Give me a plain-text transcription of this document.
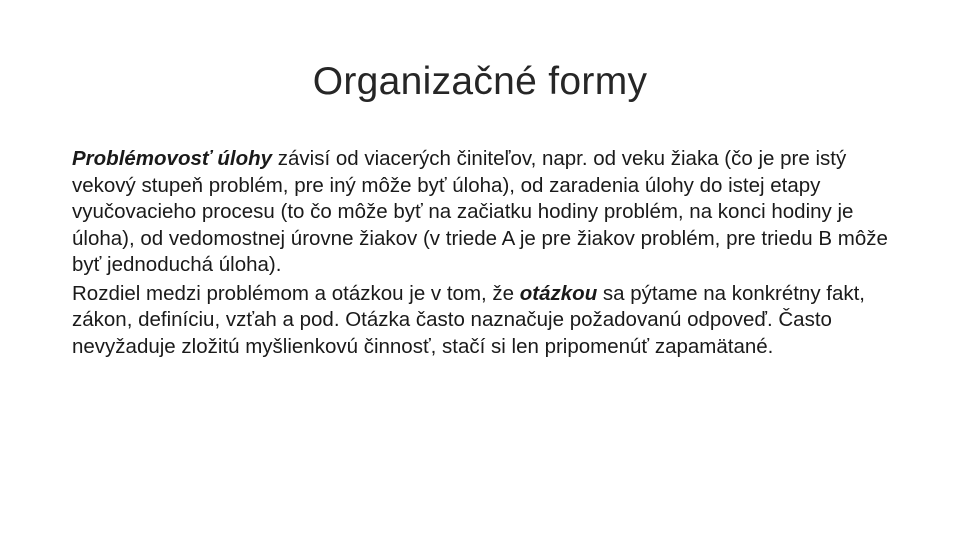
Organizačné formy

Problémovosť úlohy závisí od viacerých činiteľov, napr. od veku žiaka (čo je pre istý vekový stupeň problém, pre iný môže byť úloha), od zaradenia úlohy do istej etapy vyučovacieho procesu (to čo môže byť na začiatku hodiny problém, na konci hodiny je úloha), od vedomostnej úrovne žiakov (v triede A je pre žiakov problém, pre triedu B môže byť jednoduchá úloha).

Rozdiel medzi problémom a otázkou je v tom, že otázkou sa pýtame na konkrétny fakt, zákon, definíciu, vzťah a pod. Otázka často naznačuje požadovanú odpoveď. Často nevyžaduje zložitú myšlienkovú činnosť, stačí si len pripomenúť zapamätané.
